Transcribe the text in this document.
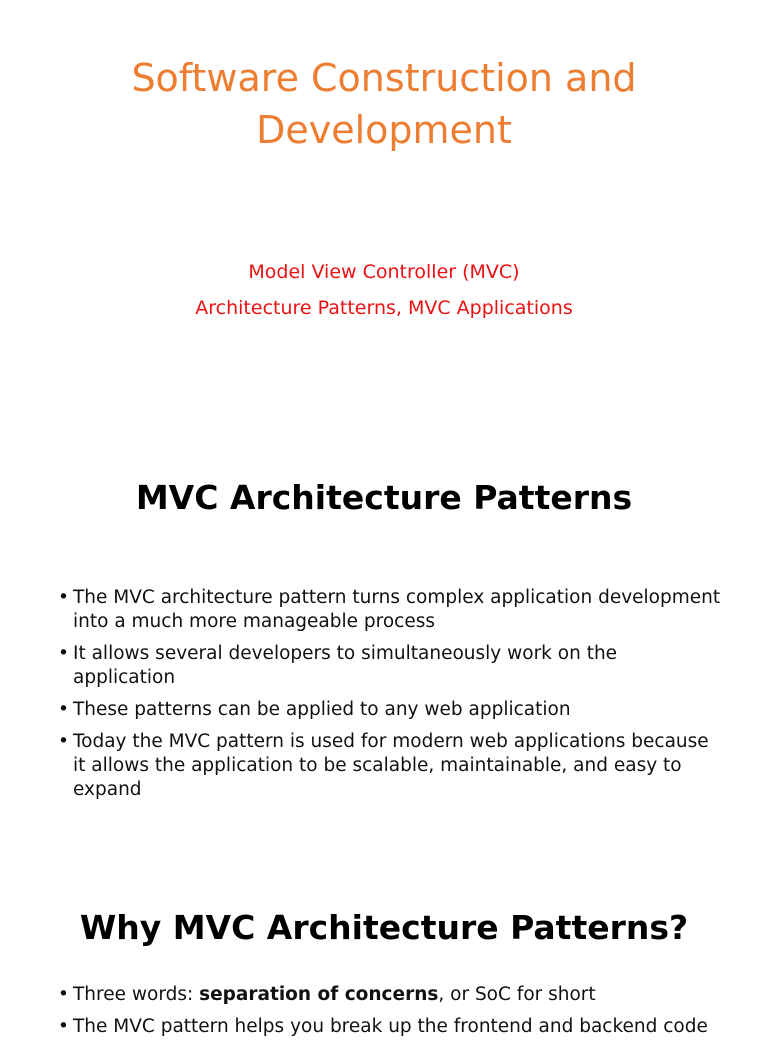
Software Construction and Development
Model View Controller (MVC)
Architecture Patterns, MVC Applications
MVC Architecture Patterns
• The MVC architecture pattern turns complex application development into a much more manageable process
• It allows several developers to simultaneously work on the application
• These patterns can be applied to any web application
• Today the MVC pattern is used for modern web applications because it allows the application to be scalable, maintainable, and easy to expand
Why MVC Architecture Patterns?
• Three words: separation of concerns, or SoC for short
• The MVC pattern helps you break up the frontend and backend code
